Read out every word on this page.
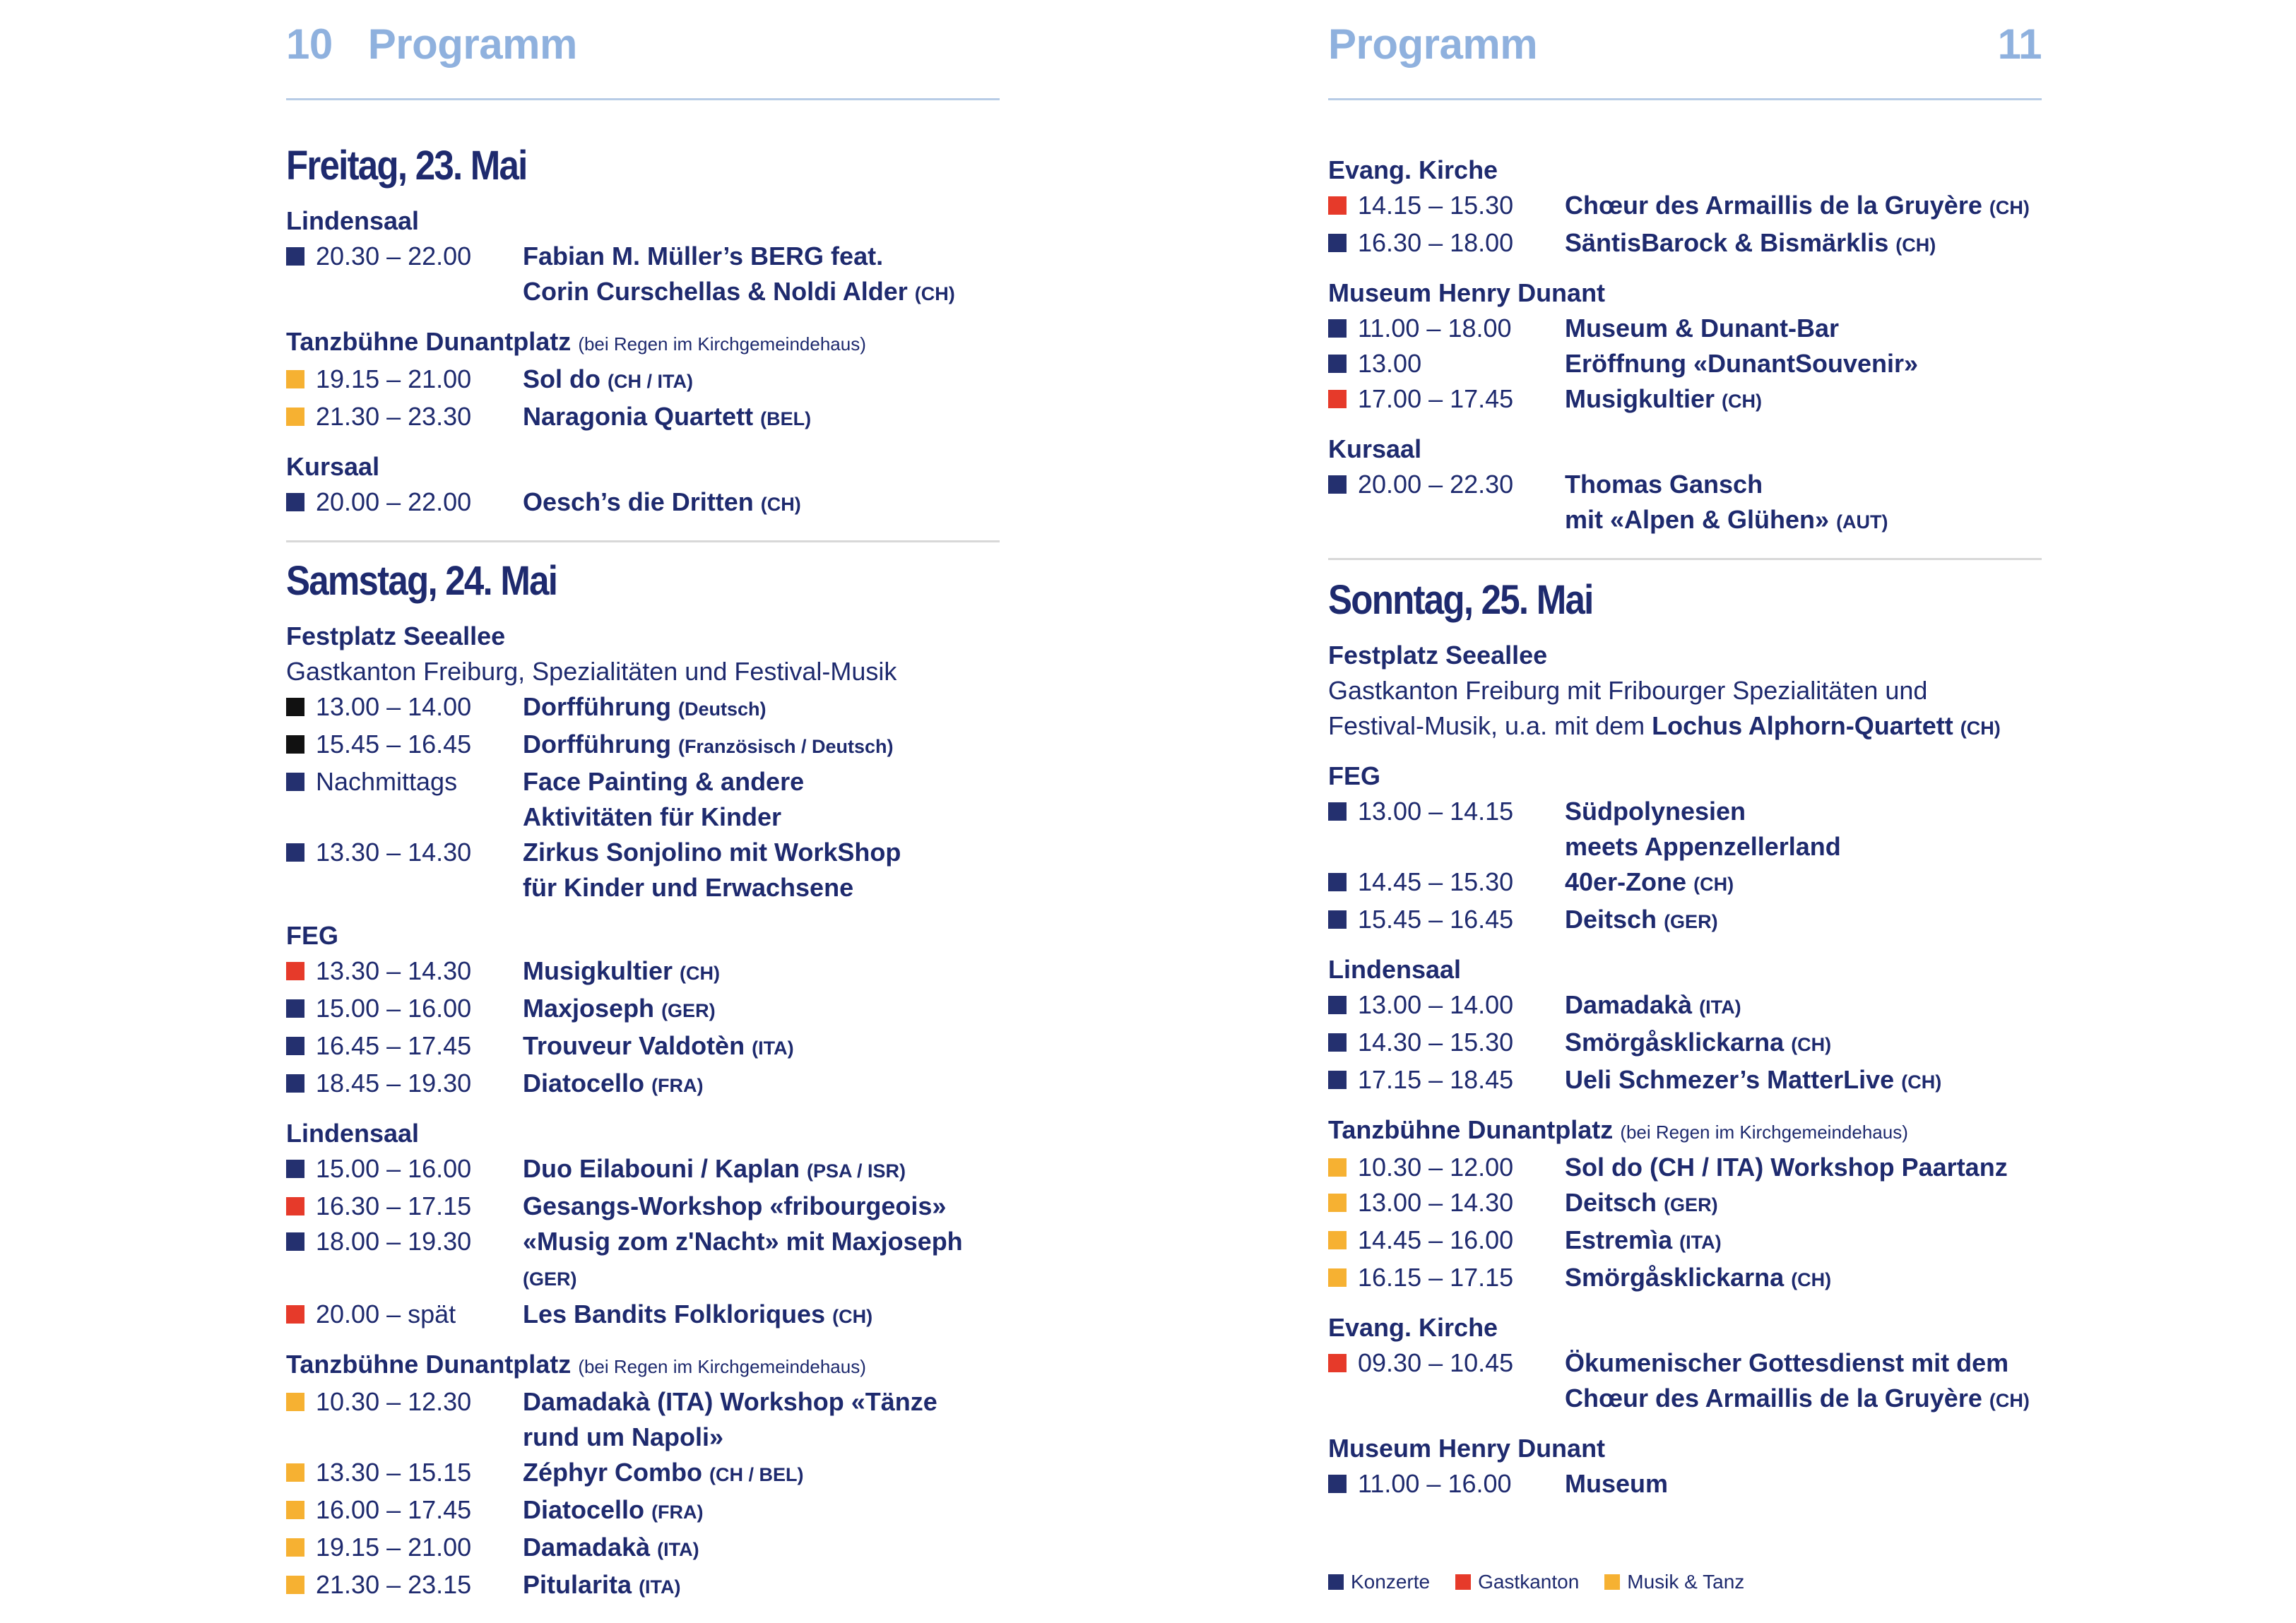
10 Programm
Freitag, 23. Mai
Lindensaal
20.30 – 22.00	Fabian M. Müller’s BERG feat.
Corin Curschellas & Noldi Alder (CH)
Tanzbühne Dunantplatz (bei Regen im Kirchgemeindehaus)
19.15 – 21.00	Sol do (CH / ITA)
21.30 – 23.30	Naragonia Quartett (BEL)
Kursaal
20.00 – 22.00	Oesch’s die Dritten (CH)
Samstag, 24. Mai
Festplatz Seeallee
Gastkanton Freiburg, Spezialitäten und Festival-Musik
13.00 – 14.00	Dorfführung (Deutsch)
15.45 – 16.45	Dorfführung (Französisch / Deutsch)
Nachmittags	Face Painting & andere
Aktivitäten für Kinder
13.30 – 14.30	Zirkus Sonjolino mit WorkShop
für Kinder und Erwachsene
FEG
13.30 – 14.30	Musigkultier (CH)
15.00 – 16.00	Maxjoseph (GER)
16.45 – 17.45	Trouveur Valdotèn (ITA)
18.45 – 19.30	Diatocello (FRA)
Lindensaal
15.00 – 16.00	Duo Eilabouni / Kaplan (PSA / ISR)
16.30 – 17.15	Gesangs-Workshop «fribourgeois»
18.00 – 19.30	«Musig zom z'Nacht» mit Maxjoseph (GER)
20.00 – spät	Les Bandits Folkloriques (CH)
Tanzbühne Dunantplatz (bei Regen im Kirchgemeindehaus)
10.30 – 12.30	Damadakà (ITA) Workshop «Tänze
rund um Napoli»
13.30 – 15.15	Zéphyr Combo (CH / BEL)
16.00 – 17.45	Diatocello (FRA)
19.15 – 21.00	Damadakà (ITA)
21.30 – 23.15	Pitularita (ITA)
Programm	11
Evang. Kirche
14.15 – 15.30	Chœur des Armaillis de la Gruyère (CH)
16.30 – 18.00	SäntisBarock & Bismärklis (CH)
Museum Henry Dunant
11.00 – 18.00	Museum & Dunant-Bar
13.00	Eröffnung «DunantSouvenir»
17.00 – 17.45	Musigkultier (CH)
Kursaal
20.00 – 22.30	Thomas Gansch
mit «Alpen & Glühen» (AUT)
Sonntag, 25. Mai
Festplatz Seeallee
Gastkanton Freiburg mit Fribourger Spezialitäten und
Festival-Musik, u.a. mit dem Lochus Alphorn-Quartett (CH)
FEG
13.00 – 14.15	Südpolynesien
meets Appenzellerland
14.45 – 15.30	40er-Zone (CH)
15.45 – 16.45	Deitsch (GER)
Lindensaal
13.00 – 14.00	Damadakà (ITA)
14.30 – 15.30	Smörgåsklickarna (CH)
17.15 – 18.45	Ueli Schmezer’s MatterLive (CH)
Tanzbühne Dunantplatz (bei Regen im Kirchgemeindehaus)
10.30 – 12.00	Sol do (CH / ITA) Workshop Paartanz
13.00 – 14.30	Deitsch (GER)
14.45 – 16.00	Estremìa (ITA)
16.15 – 17.15	Smörgåsklickarna (CH)
Evang. Kirche
09.30 – 10.45	Ökumenischer Gottesdienst mit dem
Chœur des Armaillis de la Gruyère (CH)
Museum Henry Dunant
11.00 – 16.00	Museum
Konzerte Gastkanton Musik & Tanz
